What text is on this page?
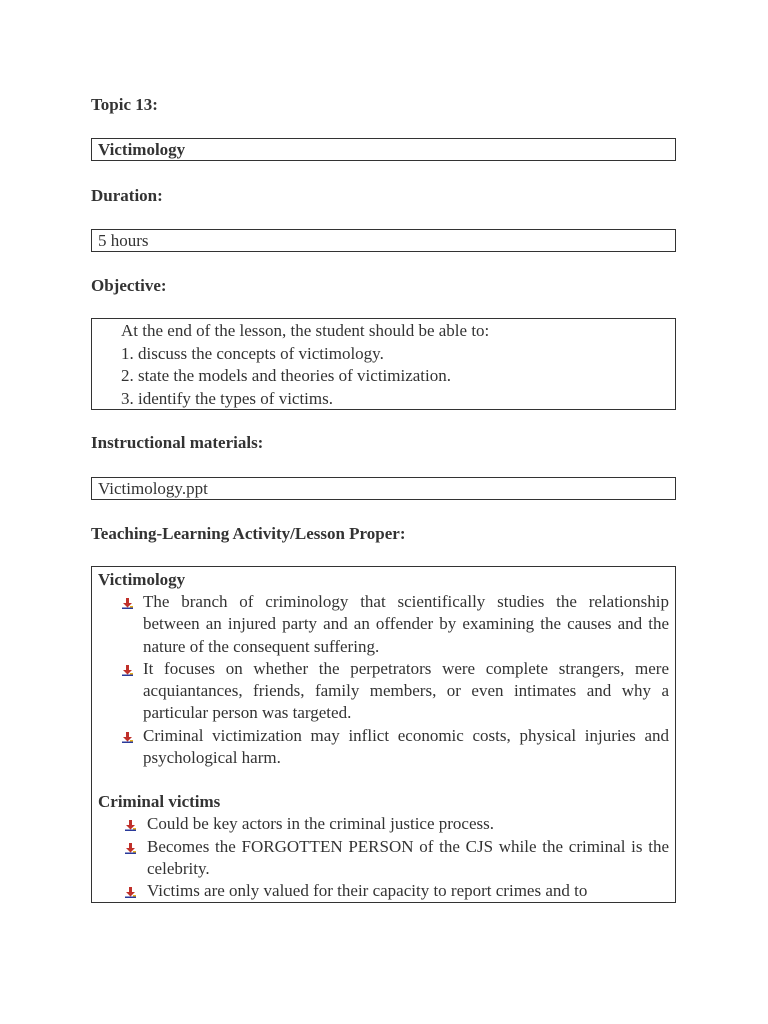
Topic 13:

Victimology

Duration:

5 hours

Objective:

At the end of the lesson, the student should be able to:
1. discuss the concepts of victimology.
2. state the models and theories of victimization.
3. identify the types of victims.

Instructional materials:

Victimology.ppt

Teaching-Learning Activity/Lesson Proper:

Victimology
The branch of criminology that scientifically studies the relationship between an injured party and an offender by examining the causes and the nature of the consequent suffering.
It focuses on whether the perpetrators were complete strangers, mere acquiantances, friends, family members, or even intimates and why a particular person was targeted.
Criminal victimization may inflict economic costs, physical injuries and psychological harm.
Criminal victims
Could be key actors in the criminal justice process.
Becomes the FORGOTTEN PERSON of the CJS while the criminal is the celebrity.
Victims are only valued for their capacity to report crimes and to
